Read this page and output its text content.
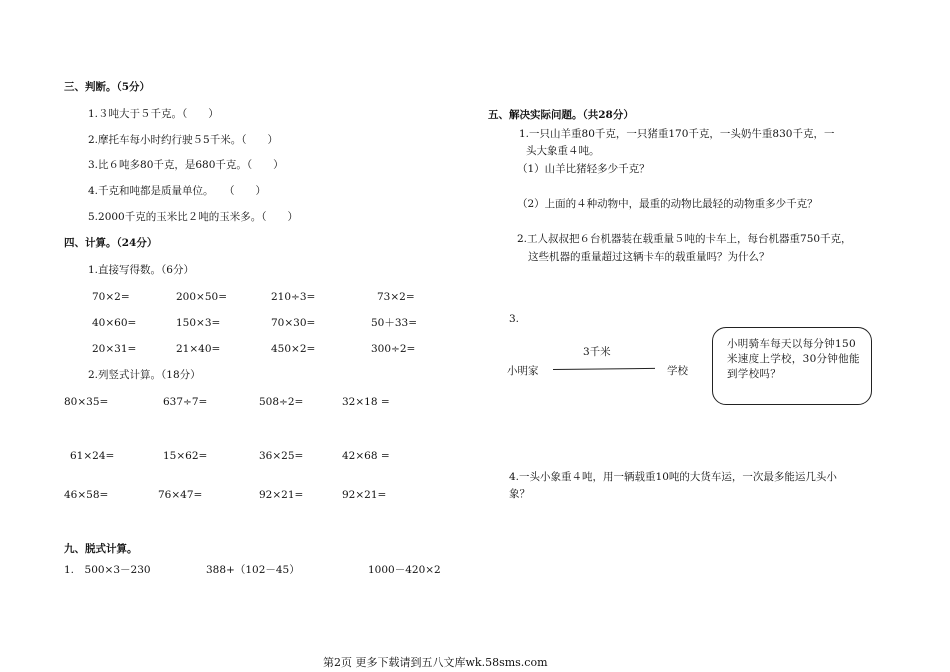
三、判断。（5分）
1.３吨大于５千克。（　　）
2.摩托车每小时约行驶５5千米。（　　）
3.比６吨多80千克，是680千克。（　　）
4.千克和吨都是质量单位。　　（　　）
5.2000千克的玉米比２吨的玉米多。（　　）
四、计算。（24分）
1.直接写得数。（6分）
70×2=	200×50=	210÷3=	73×2=
40×60=	150×3=	70×30=	50＋33=
20×31=	21×40=	450×2=	300÷2=
2.列竖式计算。（18分）
80×35=	637÷7=	508÷2=	32×18 =
61×24=	15×62=	36×25=	42×68 =
46×58=	76×47=	92×21=	92×21=
九、脱式计算。
1.　500×3－230	388+（102－45）	1000－420×2
五、解决实际问题。（共28分）
1.一只山羊重80千克，一只猪重170千克，一头奶牛重830千克，一
头大象重４吨。
（1）山羊比猪轻多少千克？
（2）上面的４种动物中，最重的动物比最轻的动物重多少千克？
2.工人叔叔把６台机器装在载重量５吨的卡车上，每台机器重750千克，
这些机器的重量超过这辆卡车的载重量吗？为什么？
3.
3千米
小明家	学校
小明骑车每天以每分钟150米速度上学校，30分钟他能到学校吗？
4.一头小象重４吨，用一辆载重10吨的大货车运，一次最多能运几头小
象？
第2页 更多下载请到五八文库wk.58sms.com
